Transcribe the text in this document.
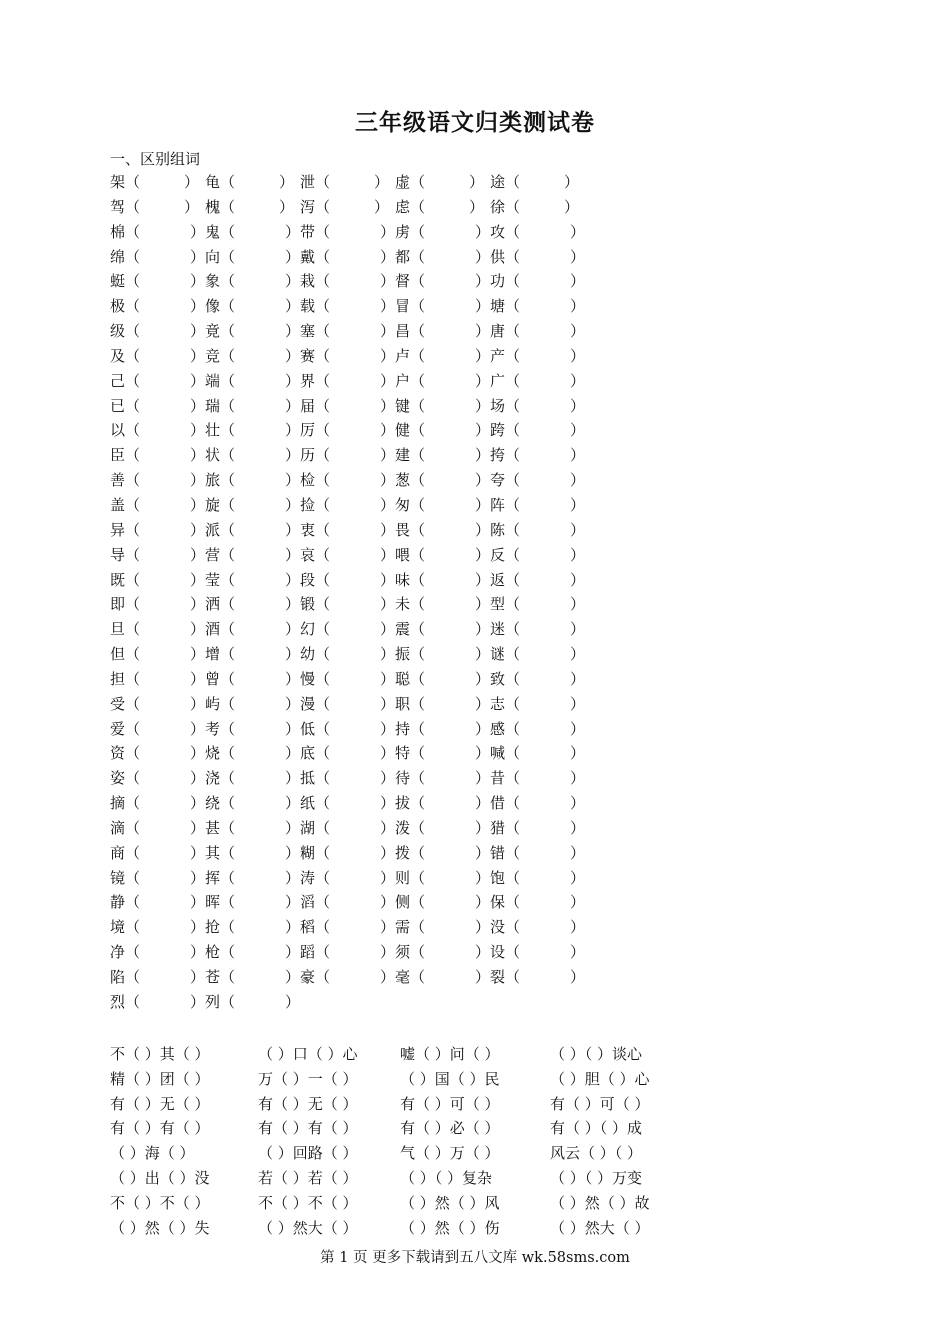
三年级语文归类测试卷
一、区别组词
架（	） 龟（	） 泄（	） 虚（	） 途（	）
驾（	） 槐（	） 泻（	） 虑（	） 徐（	）
棉（	） 鬼（	） 带（	） 虏（	） 攻（	）
绵（	） 向（	） 戴（	） 都（	） 供（	）
蜓（	） 象（	） 栽（	） 督（	） 功（	）
极（	） 像（	） 载（	） 冒（	） 塘（	）
级（	） 竟（	） 塞（	） 昌（	） 唐（	）
及（	） 竞（	） 赛（	） 卢（	） 产（	）
己（	） 端（	） 界（	） 户（	） 广（	）
已（	） 瑞（	） 届（	） 键（	） 场（	）
以（	） 壮（	） 厉（	） 健（	） 跨（	）
臣（	） 状（	） 历（	） 建（	） 挎（	）
善（	） 旅（	） 检（	） 葱（	） 夸（	）
盖（	） 旋（	） 捡（	） 匆（	） 阵（	）
异（	） 派（	） 衷（	） 畏（	） 陈（	）
导（	） 营（	） 哀（	） 喂（	） 反（	）
既（	） 莹（	） 段（	） 味（	） 返（	）
即（	） 洒（	） 锻（	） 未（	） 型（	）
旦（	） 酒（	） 幻（	） 震（	） 迷（	）
但（	） 增（	） 幼（	） 振（	） 谜（	）
担（	） 曾（	） 慢（	） 聪（	） 致（	）
受（	） 屿（	） 漫（	） 职（	） 志（	）
爱（	） 考（	） 低（	） 持（	） 感（	）
资（	） 烧（	） 底（	） 特（	） 喊（	）
姿（	） 浇（	） 抵（	） 待（	） 昔（	）
摘（	） 绕（	） 纸（	） 拔（	） 借（	）
滴（	） 甚（	） 湖（	） 泼（	） 猎（	）
商（	） 其（	） 糊（	） 拨（	） 错（	）
镜（	） 挥（	） 涛（	） 则（	） 饱（	）
静（	） 晖（	） 滔（	） 侧（	） 保（	）
境（	） 抢（	） 稻（	） 需（	） 没（	）
净（	） 枪（	） 蹈（	） 须（	） 设（	）
陷（	） 苍（	） 豪（	） 毫（	） 裂（	）
烈（	） 列（	）
不（ ）其（ ）	（ ）口（ ）心	嘘（ ）问（ ）	（ ）（ ）谈心
精（ ）团（ ）	万（ ）一（ ）	（ ）国（ ）民	（ ）胆（ ）心
有（ ）无（ ）	有（ ）无（ ）	有（ ）可（ ）	有（ ）可（ ）
有（ ）有（ ）	有（ ）有（ ）	有（ ）必（ ）	有（ ）（ ）成
（ ）海（ ）	（ ）回路（ ）	气（ ）万（ ）	风云（ ）（ ）
（ ）出（ ）没	若（ ）若（ ）	（ ）（ ）复杂	（ ）（ ）万变
不（ ）不（ ）	不（ ）不（ ）	（ ）然（ ）风	（ ）然（ ）故
（ ）然（ ）失	（ ）然大（ ）	（ ）然（ ）伤	（ ）然大（ ）
第 1 页 更多下载请到五八文库 wk.58sms.com
